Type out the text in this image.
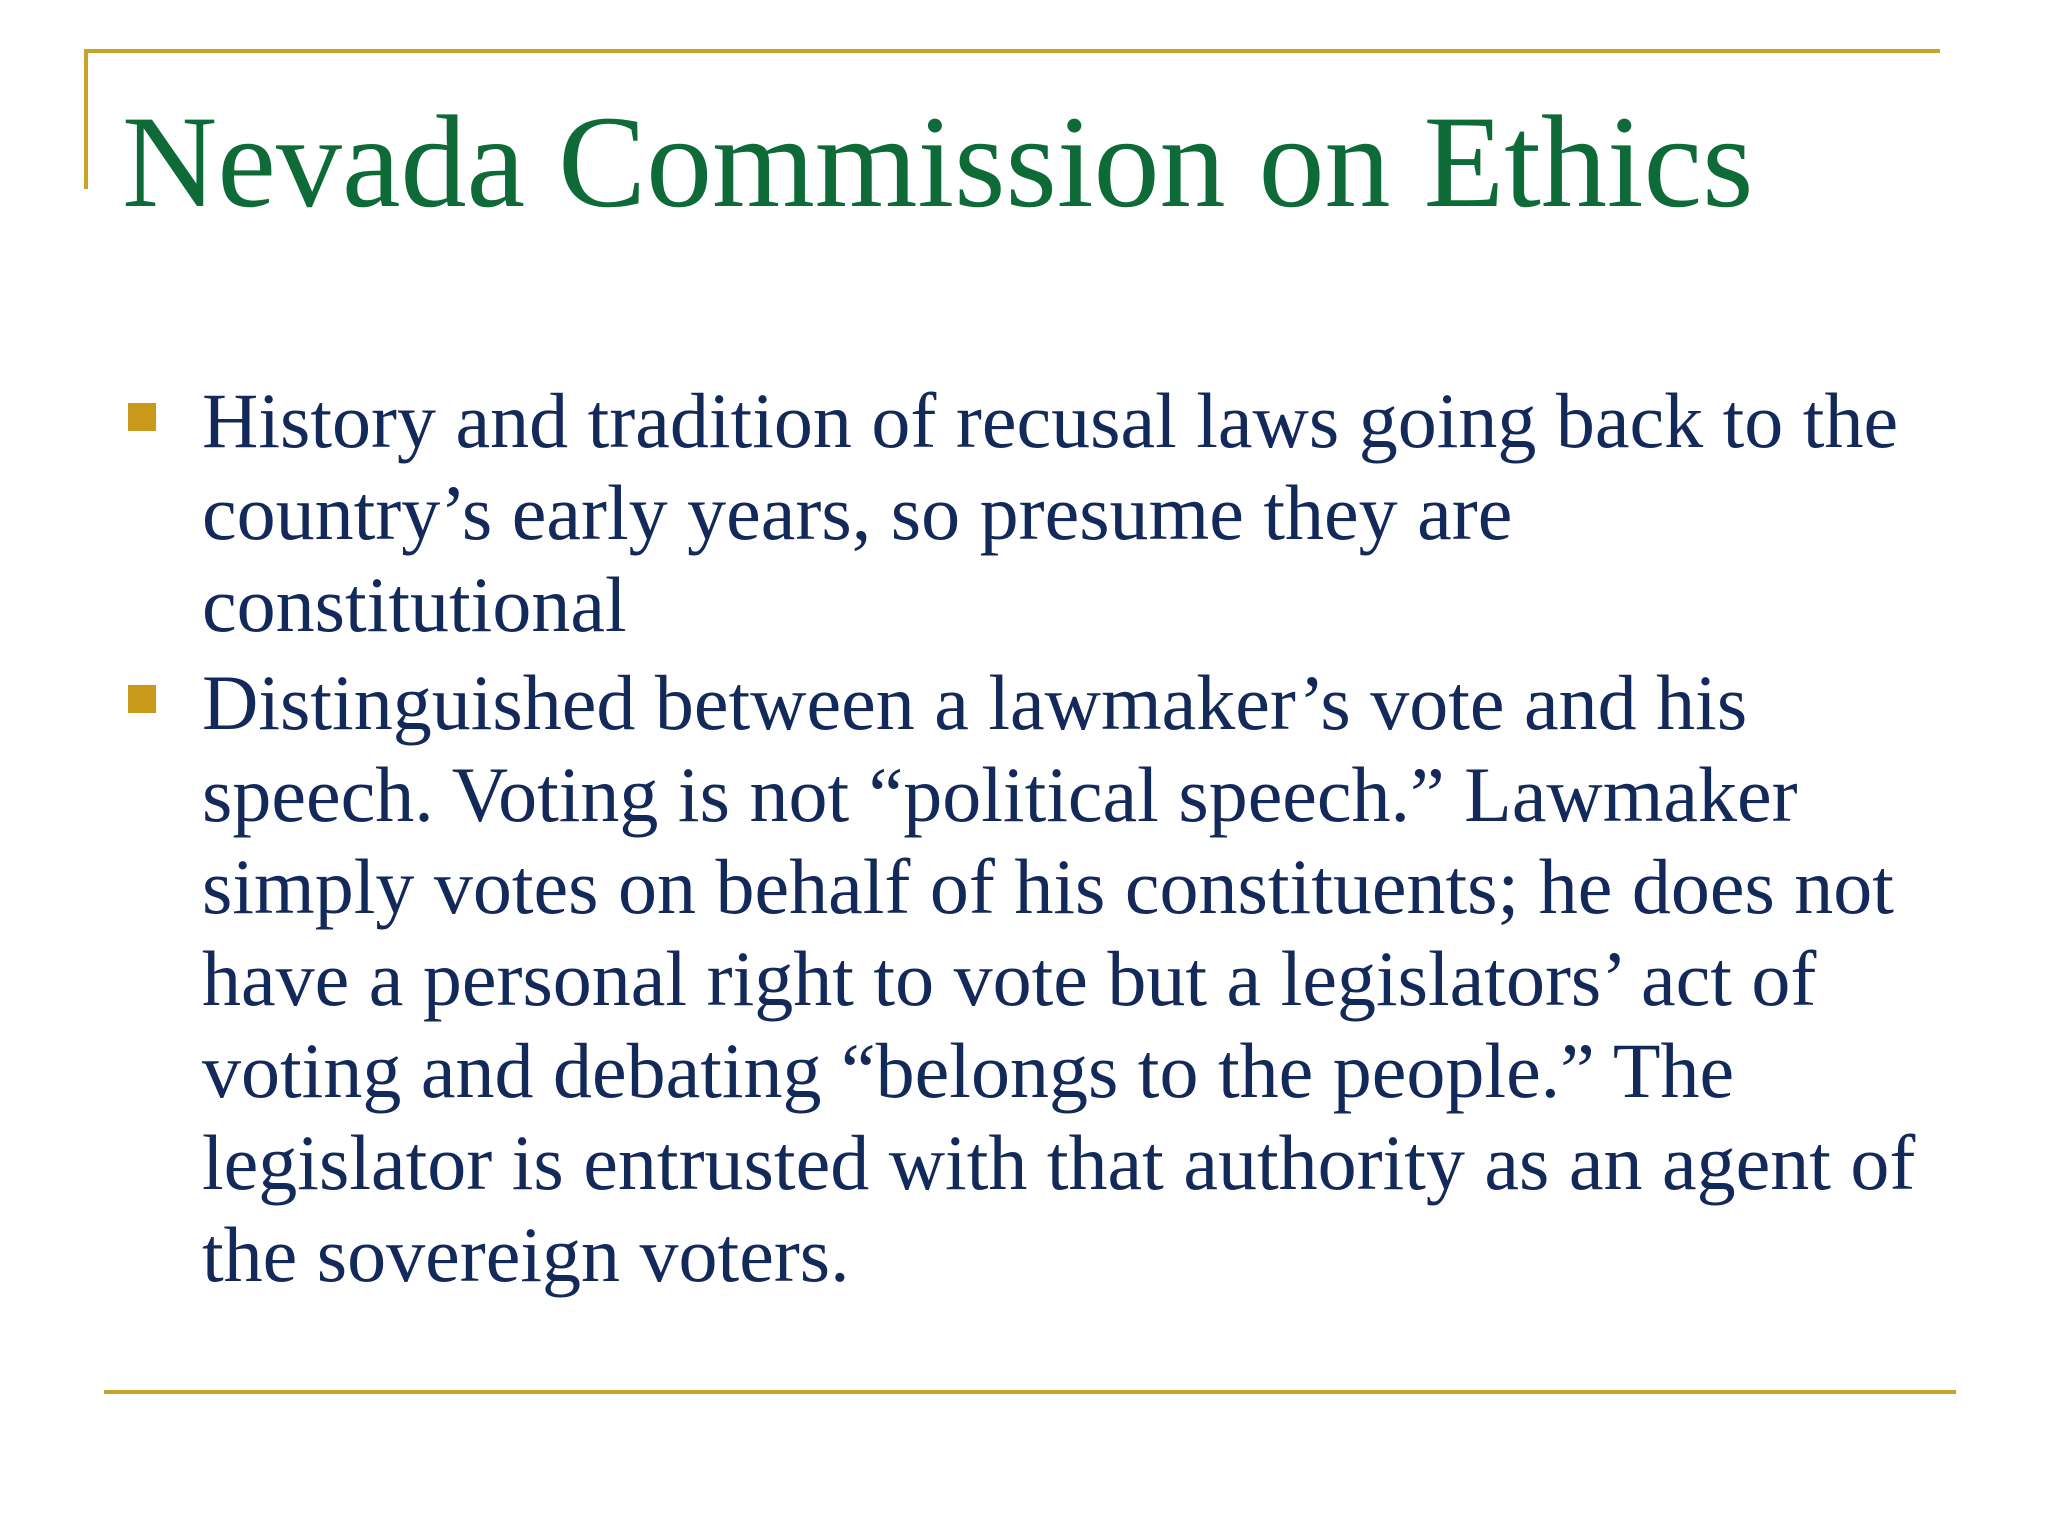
Nevada Commission on Ethics
History and tradition of recusal laws going back to the country’s early years, so presume they are constitutional
Distinguished between a lawmaker’s vote and his speech. Voting is not “political speech.” Lawmaker simply votes on behalf of his constituents; he does not have a personal right to vote but a legislators’ act of voting and debating “belongs to the people.” The legislator is entrusted with that authority as an agent of the sovereign voters.
